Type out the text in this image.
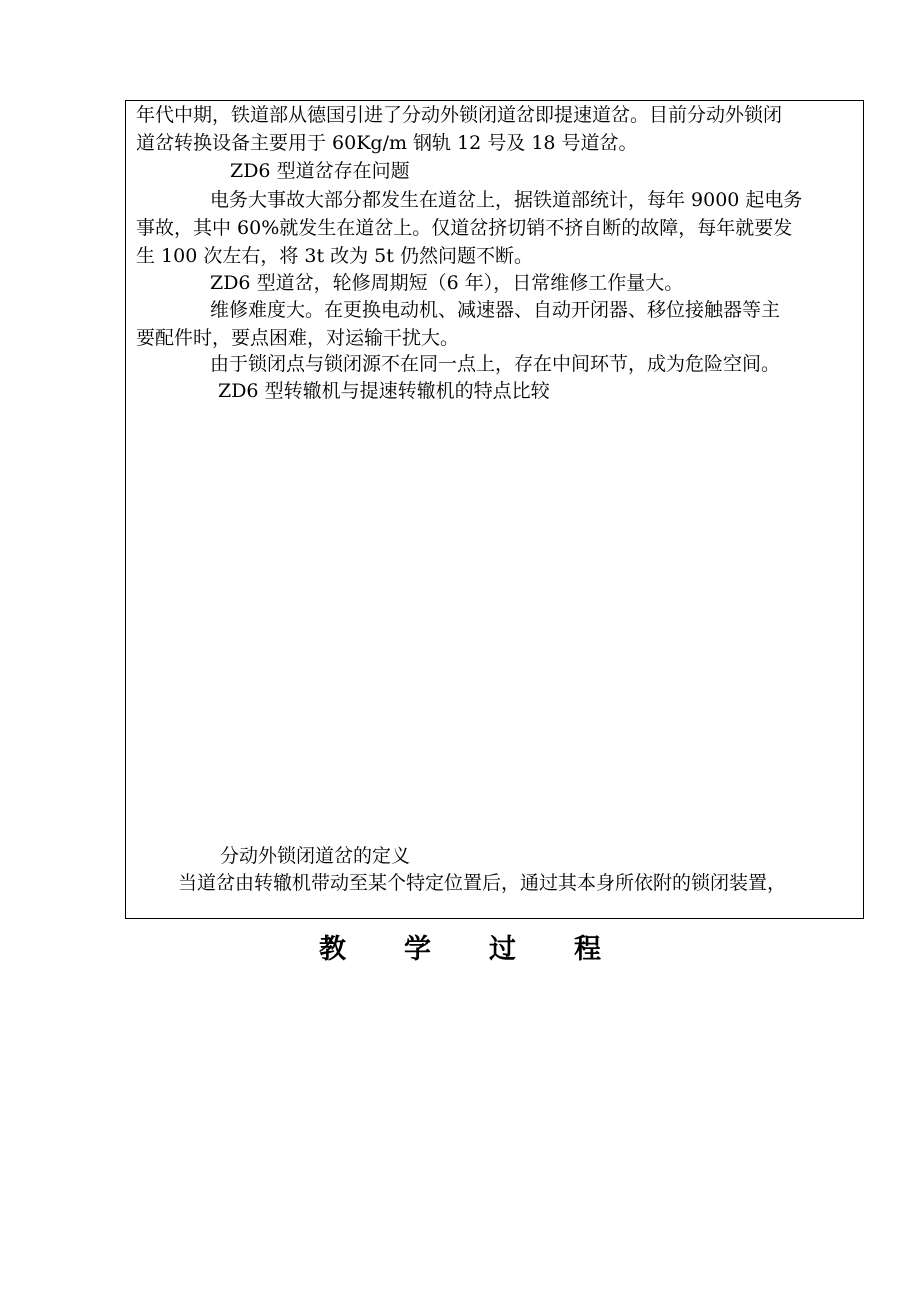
年代中期，铁道部从德国引进了分动外锁闭道岔即提速道岔。目前分动外锁闭
道岔转换设备主要用于 60Kg/m 钢轨 12 号及 18 号道岔。
ZD6 型道岔存在问题
电务大事故大部分都发生在道岔上，据铁道部统计，每年 9000 起电务
事故，其中 60%就发生在道岔上。仅道岔挤切销不挤自断的故障，每年就要发
生 100 次左右，将 3t 改为 5t 仍然问题不断。
ZD6 型道岔，轮修周期短（6 年），日常维修工作量大。
维修难度大。在更换电动机、减速器、自动开闭器、移位接触器等主
要配件时，要点困难，对运输干扰大。
由于锁闭点与锁闭源不在同一点上，存在中间环节，成为危险空间。
ZD6 型转辙机与提速转辙机的特点比较
分动外锁闭道岔的定义
当道岔由转辙机带动至某个特定位置后，通过其本身所依附的锁闭装置，
教学过程
